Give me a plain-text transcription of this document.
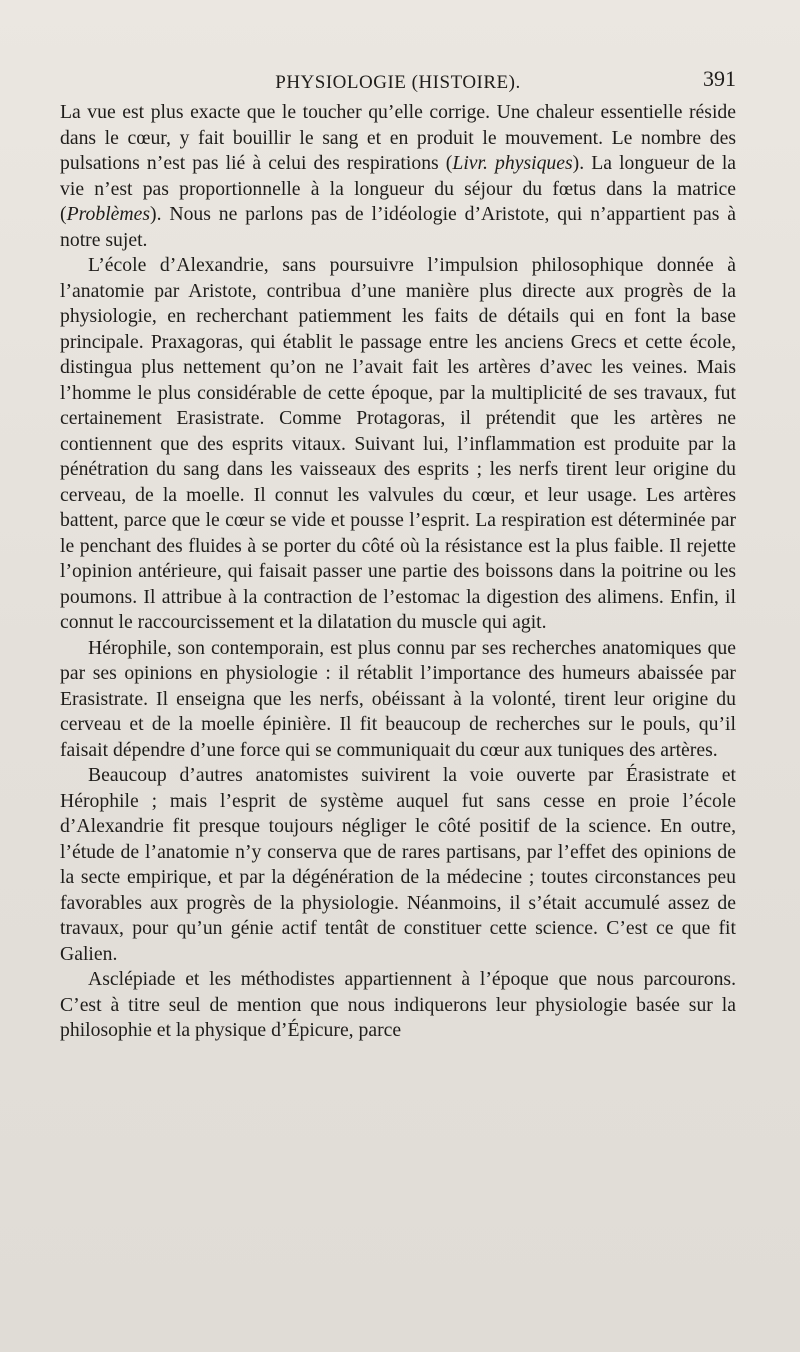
PHYSIOLOGIE (HISTOIRE).	391

La vue est plus exacte que le toucher qu’elle corrige. Une chaleur essentielle réside dans le cœur, y fait bouillir le sang et en produit le mouvement. Le nombre des pulsations n’est pas lié à celui des respirations (Livr. physiques). La longueur de la vie n’est pas proportionnelle à la longueur du séjour du fœtus dans la matrice (Problèmes). Nous ne parlons pas de l’idéologie d’Aristote, qui n’appartient pas à notre sujet.

L’école d’Alexandrie, sans poursuivre l’impulsion philosophique donnée à l’anatomie par Aristote, contribua d’une manière plus directe aux progrès de la physiologie, en recherchant patiemment les faits de détails qui en font la base principale. Praxagoras, qui établit le passage entre les anciens Grecs et cette école, distingua plus nettement qu’on ne l’avait fait les artères d’avec les veines. Mais l’homme le plus considérable de cette époque, par la multiplicité de ses travaux, fut certainement Erasistrate. Comme Protagoras, il prétendit que les artères ne contiennent que des esprits vitaux. Suivant lui, l’inflammation est produite par la pénétration du sang dans les vaisseaux des esprits ; les nerfs tirent leur origine du cerveau, de la moelle. Il connut les valvules du cœur, et leur usage. Les artères battent, parce que le cœur se vide et pousse l’esprit. La respiration est déterminée par le penchant des fluides à se porter du côté où la résistance est la plus faible. Il rejette l’opinion antérieure, qui faisait passer une partie des boissons dans la poitrine ou les poumons. Il attribue à la contraction de l’estomac la digestion des alimens. Enfin, il connut le raccourcissement et la dilatation du muscle qui agit.

Hérophile, son contemporain, est plus connu par ses recherches anatomiques que par ses opinions en physiologie : il rétablit l’importance des humeurs abaissée par Erasistrate. Il enseigna que les nerfs, obéissant à la volonté, tirent leur origine du cerveau et de la moelle épinière. Il fit beaucoup de recherches sur le pouls, qu’il faisait dépendre d’une force qui se communiquait du cœur aux tuniques des artères.

Beaucoup d’autres anatomistes suivirent la voie ouverte par Érasistrate et Hérophile ; mais l’esprit de système auquel fut sans cesse en proie l’école d’Alexandrie fit presque toujours négliger le côté positif de la science. En outre, l’étude de l’anatomie n’y conserva que de rares partisans, par l’effet des opinions de la secte empirique, et par la dégénération de la médecine ; toutes circonstances peu favorables aux progrès de la physiologie. Néanmoins, il s’était accumulé assez de travaux, pour qu’un génie actif tentât de constituer cette science. C’est ce que fit Galien.

Asclépiade et les méthodistes appartiennent à l’époque que nous parcourons. C’est à titre seul de mention que nous indiquerons leur physiologie basée sur la philosophie et la physique d’Épicure, parce
